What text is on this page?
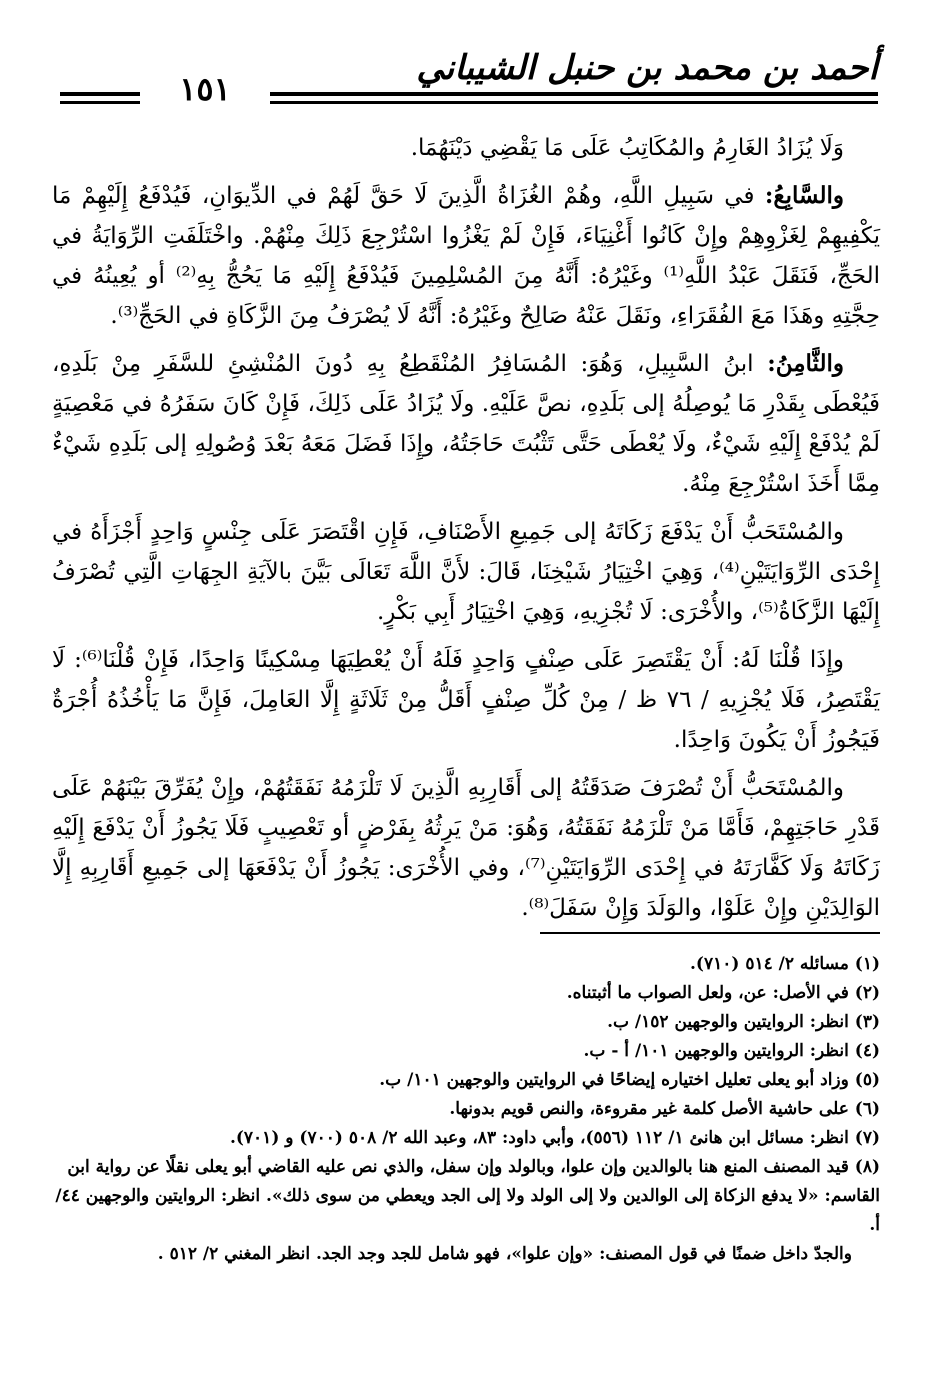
أحمد بن محمد بن حنبل الشيباني
١٥١

وَلَا يُزَادُ الغَارِمُ والمُكَاتِبُ عَلَى مَا يَقْضِي دَيْنَهُمَا.

والسَّابِعُ: في سَبِيلِ اللَّهِ، وهُمْ الغُزَاةُ الَّذِينَ لَا حَقَّ لَهُمْ في الدِّيوَانِ، فَيُدْفَعُ إِلَيْهِمْ مَا يَكْفِيهِمْ لِغَزْوِهِمْ وإِنْ كَانُوا أَغْنِيَاءَ، فَإِنْ لَمْ يَغْزُوا اسْتُرْجِعَ ذَلِكَ مِنْهُمْ. واخْتَلَفَتِ الرِّوَايَةُ في الحَجِّ، فَنَقَلَ عَبْدُ اللَّهِ⁽¹⁾ وغَيْرُهُ: أَنَّهُ مِنَ المُسْلِمِينَ فَيُدْفَعُ إِلَيْهِ مَا يَحُجُّ بِهِ⁽²⁾ أو يُعِينُهُ في حِجَّتِهِ وهَذَا مَعَ الفُقَرَاءِ، ونَقَلَ عَنْهُ صَالِحٌ وغَيْرُهُ: أَنَّهُ لَا يُصْرَفُ مِنَ الزَّكَاةِ في الحَجِّ⁽³⁾.

والثَّامِنُ: ابنُ السَّبِيلِ، وَهُوَ: المُسَافِرُ المُنْقَطِعُ بِهِ دُونَ المُنْشِئِ للسَّفَرِ مِنْ بَلَدِهِ، فَيُعْطَى بِقَدْرِ مَا يُوصِلُهُ إلى بَلَدِهِ، نصَّ عَلَيْهِ. ولَا يُزَادُ عَلَى ذَلِكَ، فَإِنْ كَانَ سَفَرُهُ في مَعْصِيَةٍ لَمْ يُدْفَعْ إِلَيْهِ شَيْءٌ، ولَا يُعْطَى حَتَّى تَثْبُتَ حَاجَتُهُ، وإِذَا فَضَلَ مَعَهُ بَعْدَ وُصُولِهِ إلى بَلَدِهِ شَيْءٌ مِمَّا أَخَذَ اسْتُرْجِعَ مِنْهُ.

والمُسْتَحَبُّ أَنْ يَدْفَعَ زَكَاتَهُ إلى جَمِيعِ الأَصْنَافِ، فَإِنِ اقْتَصَرَ عَلَى جِنْسٍ وَاحِدٍ أَجْزَأَهُ في إِحْدَى الرِّوَايَتَيْنِ⁽⁴⁾، وَهِيَ اخْتِيَارُ شَيْخِنَا، قَالَ: لأَنَّ اللَّهَ تَعَالَى بَيَّنَ بالآيَةِ الجِهَاتِ الَّتِي تُصْرَفُ إِلَيْهَا الزَّكَاةُ⁽⁵⁾، والأُخْرَى: لَا تُجْزِيهِ، وَهِيَ اخْتِيَارُ أَبِي بَكْرٍ.

وإِذَا قُلْنَا لَهُ: أَنْ يَقْتَصِرَ عَلَى صِنْفٍ وَاحِدٍ فَلَهُ أَنْ يُعْطِيَهَا مِسْكِينًا وَاحِدًا، فَإِنْ قُلْنَا⁽⁶⁾: لَا يَقْتَصِرُ، فَلَا يُجْزِيهِ / ٧٦ ظ / مِنْ كُلِّ صِنْفٍ أَقَلُّ مِنْ ثَلَاثَةٍ إِلَّا العَامِلَ، فَإِنَّ مَا يَأْخُذُهُ أُجْرَةٌ فَيَجُوزُ أَنْ يَكُونَ وَاحِدًا.

والمُسْتَحَبُّ أَنْ تُصْرَفَ صَدَقَتُهُ إلى أَقَارِبِهِ الَّذِينَ لَا تَلْزَمُهُ نَفَقَتُهُمْ، وإِنْ يُفَرِّقَ بَيْنَهُمْ عَلَى قَدْرِ حَاجَتِهِمْ، فَأَمَّا مَنْ تَلْزَمُهُ نَفَقَتُهُ، وَهُوَ: مَنْ يَرِثُهُ بِفَرْضٍ أو تَعْصِيبٍ فَلَا يَجُوزُ أَنْ يَدْفَعَ إِلَيْهِ زَكَاتَهُ وَلَا كَفَّارَتَهُ في إِحْدَى الرِّوَايَتَيْنِ⁽⁷⁾، وفي الأُخْرَى: يَجُوزُ أَنْ يَدْفَعَهَا إلى جَمِيعِ أَقَارِبِهِ إِلَّا الوَالِدَيْنِ وإِنْ عَلَوْا، والوَلَدَ وَإِنْ سَفَلَ⁽⁸⁾.

(١) مسائله ٢/ ٥١٤ (٧١٠).

(٢) في الأصل: عن، ولعل الصواب ما أثبتناه.

(٣) انظر: الروايتين والوجهين ١٥٢/ ب.

(٤) انظر: الروايتين والوجهين ١٠١/ أ - ب.

(٥) وزاد أبو يعلى تعليل اختياره إيضاحًا في الروايتين والوجهين ١٠١/ ب.

(٦) على حاشية الأصل كلمة غير مقروءة، والنص قويم بدونها.

(٧) انظر: مسائل ابن هانئ ١/ ١١٢ (٥٥٦)، وأبي داود: ٨٣، وعبد الله ٢/ ٥٠٨ (٧٠٠) و (٧٠١).

(٨) قيد المصنف المنع هنا بالوالدين وإن علوا، وبالولد وإن سفل، والذي نص عليه القاضي أبو يعلى نقلًا عن رواية ابن القاسم: «لا يدفع الزكاة إلى الوالدين ولا إلى الولد ولا إلى الجد ويعطي من سوى ذلك». انظر: الروايتين والوجهين ٤٤/ أ.

والجدّ داخل ضمنًا في قول المصنف: «وإن علوا»، فهو شامل للجد وجد الجد. انظر المغني ٢/ ٥١٢ .
